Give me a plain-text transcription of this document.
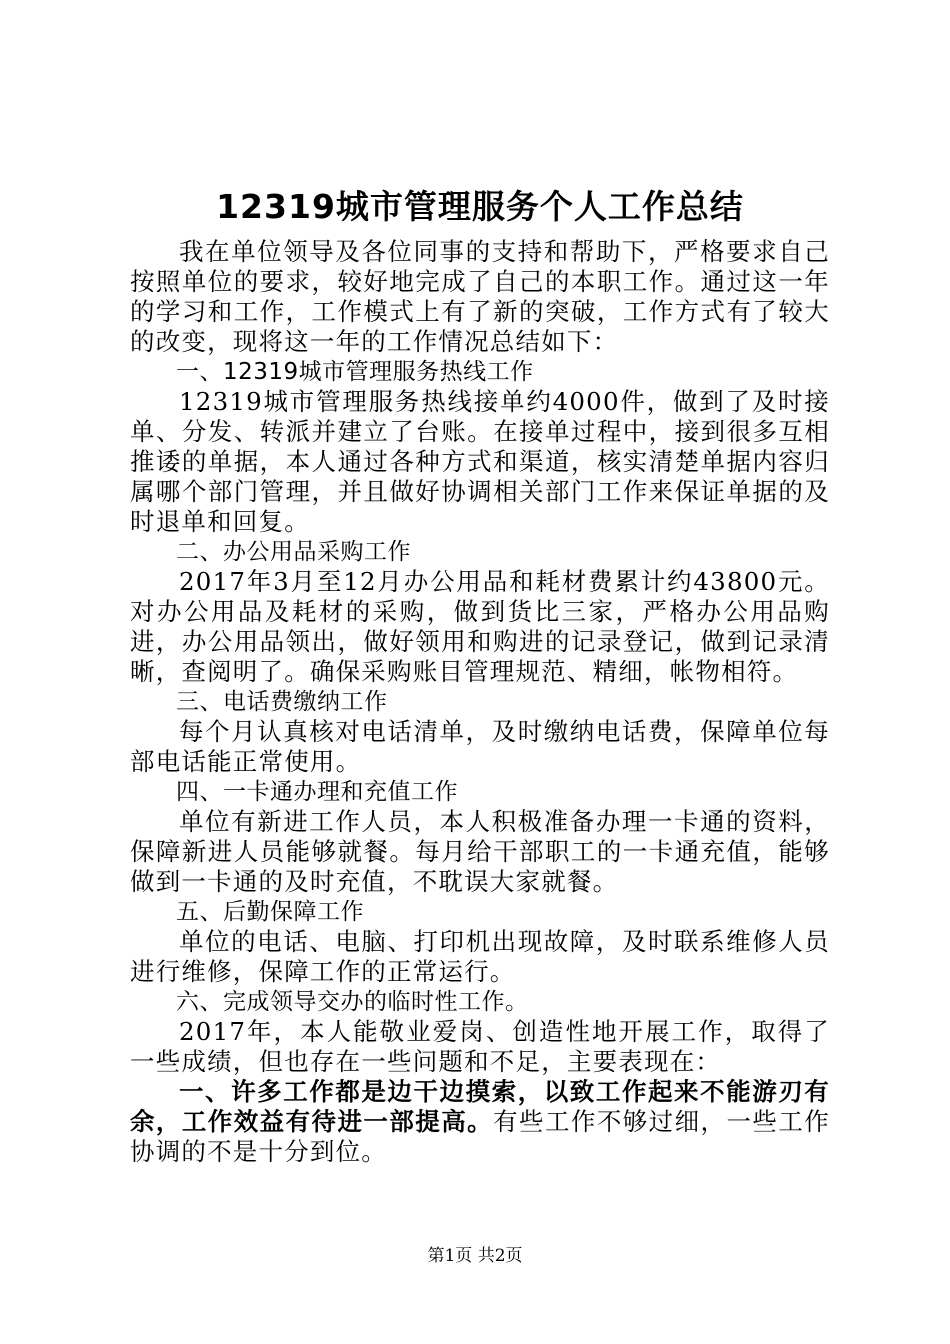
12319城市管理服务个人工作总结

我在单位领导及各位同事的支持和帮助下，严格要求自己按照单位的要求，较好地完成了自己的本职工作。通过这一年的学习和工作，工作模式上有了新的突破，工作方式有了较大的改变，现将这一年的工作情况总结如下：

一、12319城市管理服务热线工作

12319城市管理服务热线接单约4000件，做到了及时接单、分发、转派并建立了台账。在接单过程中，接到很多互相推诿的单据，本人通过各种方式和渠道，核实清楚单据内容归属哪个部门管理，并且做好协调相关部门工作来保证单据的及时退单和回复。

二、办公用品采购工作

2017年3月至12月办公用品和耗材费累计约43800元。对办公用品及耗材的采购，做到货比三家，严格办公用品购进，办公用品领出，做好领用和购进的记录登记，做到记录清晰，查阅明了。确保采购账目管理规范、精细，帐物相符。

三、电话费缴纳工作

每个月认真核对电话清单，及时缴纳电话费，保障单位每部电话能正常使用。

四、一卡通办理和充值工作

单位有新进工作人员，本人积极准备办理一卡通的资料，保障新进人员能够就餐。每月给干部职工的一卡通充值，能够做到一卡通的及时充值，不耽误大家就餐。

五、后勤保障工作

单位的电话、电脑、打印机出现故障，及时联系维修人员进行维修，保障工作的正常运行。

六、完成领导交办的临时性工作。

2017年，本人能敬业爱岗、创造性地开展工作，取得了一些成绩，但也存在一些问题和不足，主要表现在：

一、许多工作都是边干边摸索，以致工作起来不能游刃有余，工作效益有待进一部提高。有些工作不够过细，一些工作协调的不是十分到位。

第1页 共2页
